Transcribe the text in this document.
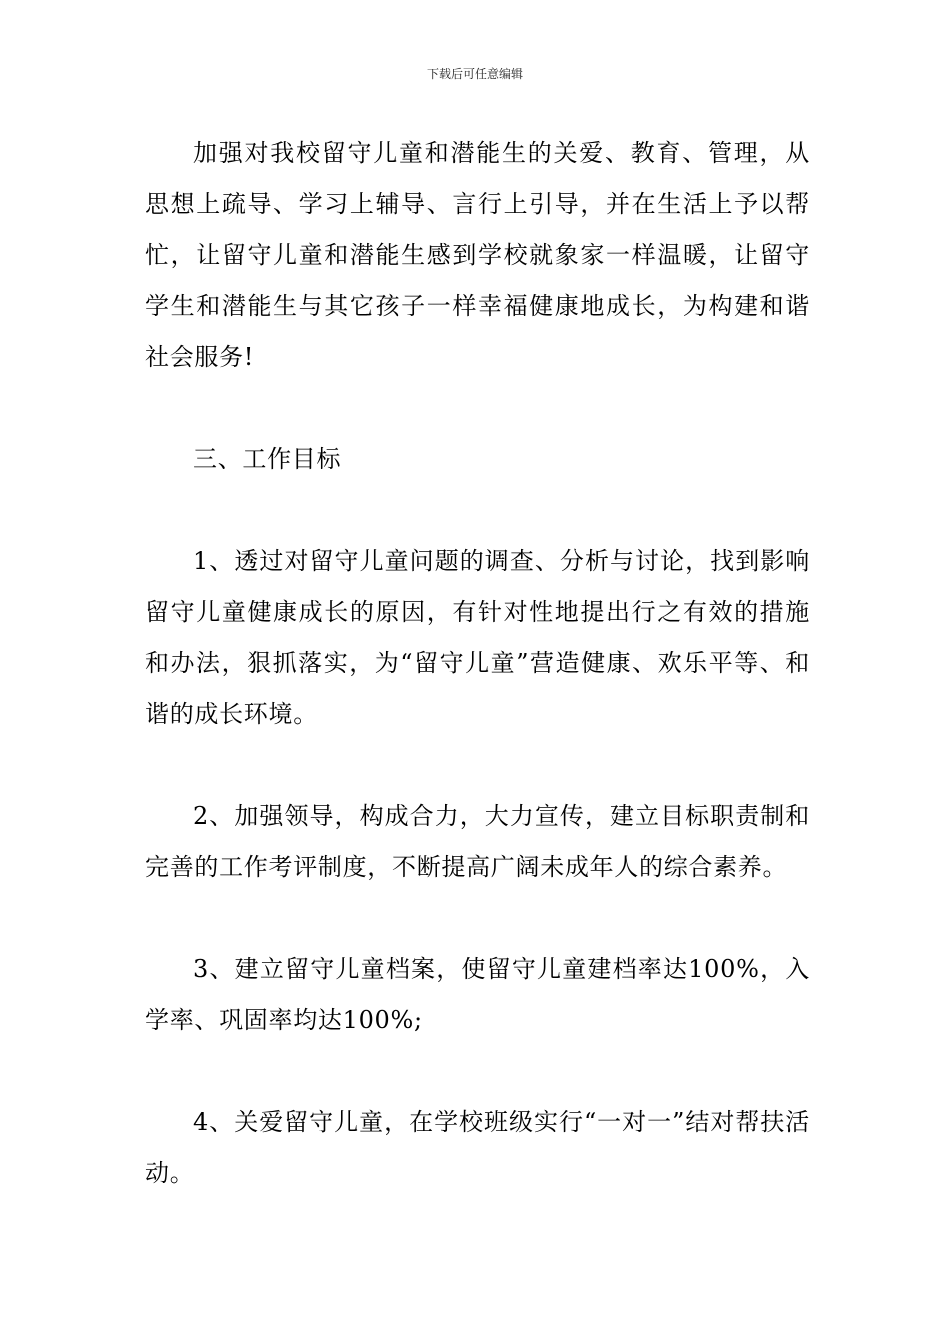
下载后可任意编辑

加强对我校留守儿童和潜能生的关爱、教育、管理，从思想上疏导、学习上辅导、言行上引导，并在生活上予以帮忙，让留守儿童和潜能生感到学校就象家一样温暖，让留守学生和潜能生与其它孩子一样幸福健康地成长，为构建和谐社会服务!

三、工作目标

1、透过对留守儿童问题的调查、分析与讨论，找到影响留守儿童健康成长的原因，有针对性地提出行之有效的措施和办法，狠抓落实，为“留守儿童”营造健康、欢乐平等、和谐的成长环境。

2、加强领导，构成合力，大力宣传，建立目标职责制和完善的工作考评制度，不断提高广阔未成年人的综合素养。

3、建立留守儿童档案，使留守儿童建档率达100%，入学率、巩固率均达100%;

4、关爱留守儿童，在学校班级实行“一对一”结对帮扶活动。
